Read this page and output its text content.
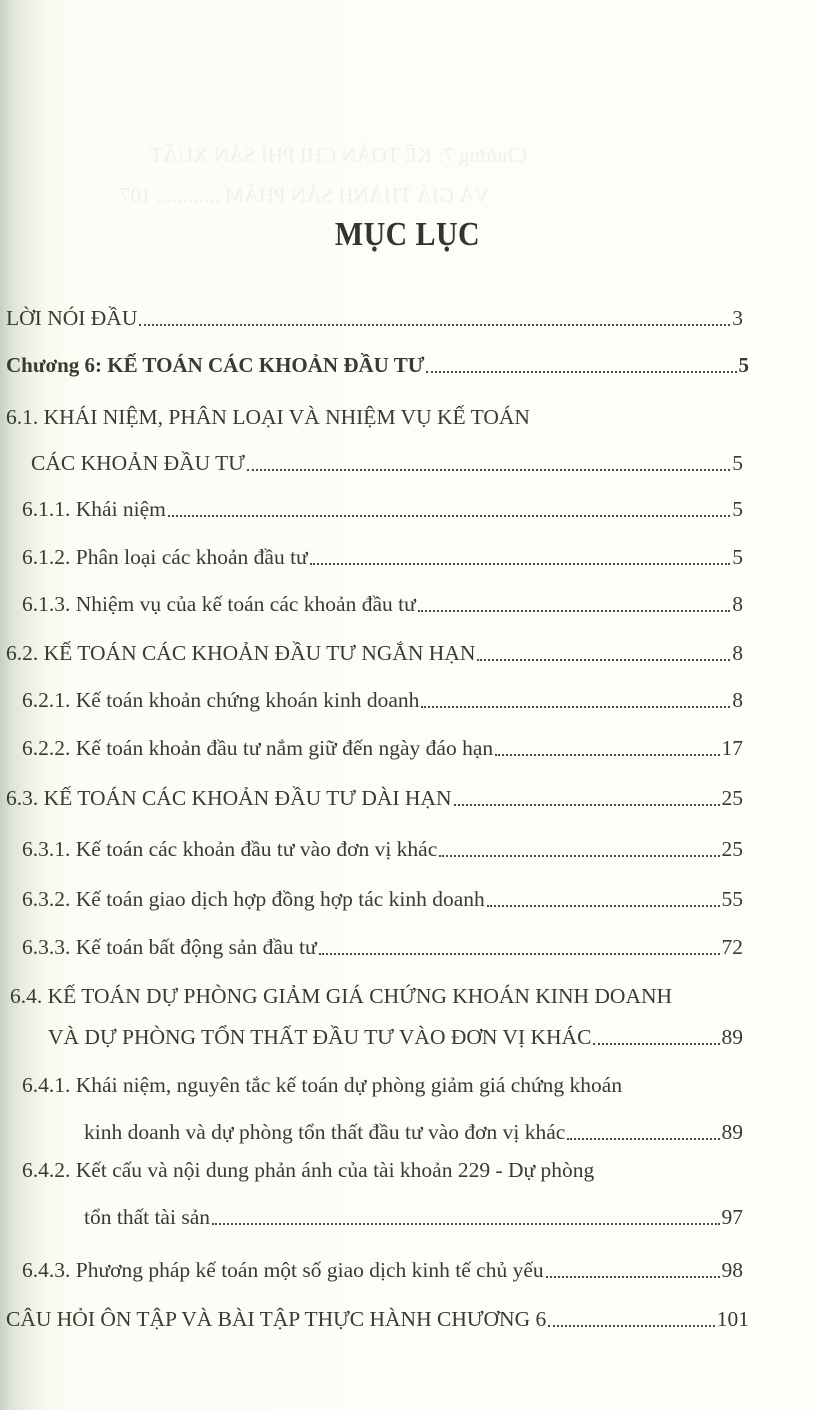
Chương 7: KẾ TOÁN CHI PHÍ SẢN XUẤT
VÀ GIÁ THÀNH SẢN PHẨM ............ 107
MỤC LỤC
LỜI NÓI ĐẦU	3
Chương 6: KẾ TOÁN CÁC KHOẢN ĐẦU TƯ	5
6.1. KHÁI NIỆM, PHÂN LOẠI VÀ NHIỆM VỤ KẾ TOÁN
CÁC KHOẢN ĐẦU TƯ	5
6.1.1. Khái niệm	5
6.1.2. Phân loại các khoản đầu tư	5
6.1.3. Nhiệm vụ của kế toán các khoản đầu tư	8
6.2. KẾ TOÁN CÁC KHOẢN ĐẦU TƯ NGẮN HẠN	8
6.2.1. Kế toán khoản chứng khoán kinh doanh	8
6.2.2. Kế toán khoản đầu tư nắm giữ đến ngày đáo hạn	17
6.3. KẾ TOÁN CÁC KHOẢN ĐẦU TƯ DÀI HẠN	25
6.3.1. Kế toán các khoản đầu tư vào đơn vị khác	25
6.3.2. Kế toán giao dịch hợp đồng hợp tác kinh doanh	55
6.3.3. Kế toán bất động sản đầu tư	72
6.4. KẾ TOÁN DỰ PHÒNG GIẢM GIÁ CHỨNG KHOÁN KINH DOANH
VÀ DỰ PHÒNG TỔN THẤT ĐẦU TƯ VÀO ĐƠN VỊ KHÁC	89
6.4.1. Khái niệm, nguyên tắc kế toán dự phòng giảm giá chứng khoán
kinh doanh và dự phòng tổn thất đầu tư vào đơn vị khác	89
6.4.2. Kết cấu và nội dung phản ánh của tài khoản 229 - Dự phòng
tổn thất tài sản	97
6.4.3. Phương pháp kế toán một số giao dịch kinh tế chủ yếu	98
CÂU HỎI ÔN TẬP VÀ BÀI TẬP THỰC HÀNH CHƯƠNG 6	101
